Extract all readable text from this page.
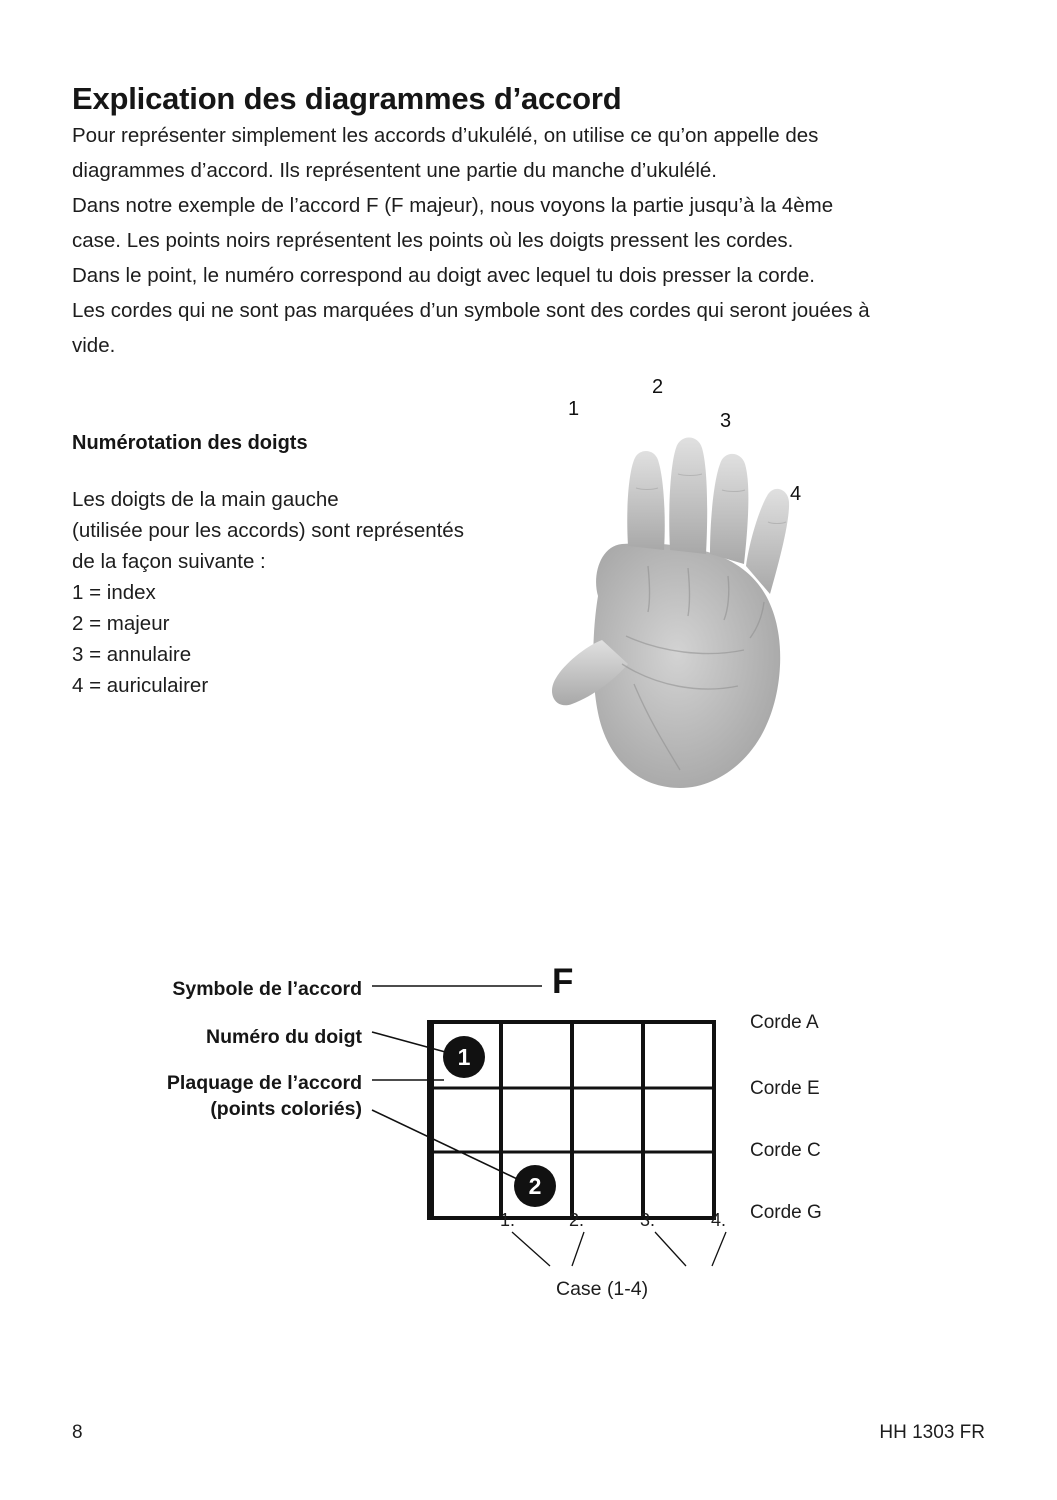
Explication des diagrammes d’accord

Pour représenter simplement les accords d’ukulélé, on utilise ce qu’on appelle des

diagrammes d’accord. Ils représentent une partie du manche d’ukulélé.

Dans notre exemple de l’accord F (F majeur), nous voyons la partie jusqu’à la 4ème

case. Les points noirs représentent les points où les doigts pressent les cordes.

Dans le point, le numéro correspond au doigt avec lequel tu dois presser la corde.

Les cordes qui ne sont pas marquées d’un symbole sont des cordes qui seront jouées à

vide.

Numérotation des doigts

Les doigts de la main gauche

(utilisée pour les accords) sont représentés

de la façon suivante :

1 = index

2 = majeur

3 = annulaire

4 = auriculairer

1
2
3
4
Symbole de l’accord
Numéro du doigt
Plaquage de l’accord
(points coloriés)
F
1
2
Corde A
Corde E
Corde C
Corde G
1.	2.	3.	4.
Case (1-4)
8	HH 1303 FR
